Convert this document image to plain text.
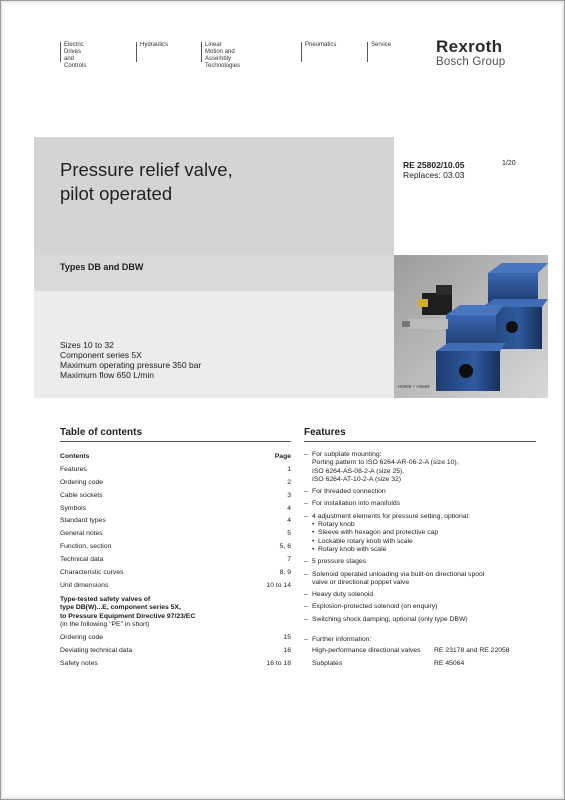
Electric Drives
and Controls
Hydraulics	Linear Motion and
Assembly Technologies
Pneumatics	Service	Rexroth
Bosch Group
Pressure relief valve,
pilot operated
Types DB and DBW
Sizes 10 to 32
Component series 5X
Maximum operating pressure 350 bar
Maximum flow 650 L/min
RE 25802/10.05
Replaces: 03.03
1/20
H6886 + H6889
Table of contents
Contents	Page
Features	1
Ordering code	2
Cable sockets	3
Symbols	4
Standard types	4
General notes	5
Function, section	5, 6
Technical data	7
Characteristic curves	8, 9
Unit dimensions	10 to 14
Type-tested safety valves of
type DB(W)...E, component series 5X,
to Pressure Equipment Directive 97/23/EC
(in the following "PE" in short)
Ordering code	15
Deviating technical data	16
Safety notes	16 to 18
Features
– For subplate mounting:
Porting pattern to ISO 6264-AR-06-2-A (size 10),
ISO 6264-AS-08-2-A (size 25),
ISO 6264-AT-10-2-A (size 32)
– For threaded connection
– For installation into manifolds
– 4 adjustment elements for pressure setting, optional:
• Rotary knob
• Sleeve with hexagon and protective cap
• Lockable rotary knob with scale
• Rotary knob with scale
– 5 pressure stages
– Solenoid operated unloading via built-on directional spool
valve or directional poppet valve
– Heavy duty solenoid
– Explosion-protected solenoid (on enquiry)
– Switching shock damping, optional (only type DBW)
– Further information:
High-performance directional valves	RE 23178 and RE 22058
Subplates	RE 45064
